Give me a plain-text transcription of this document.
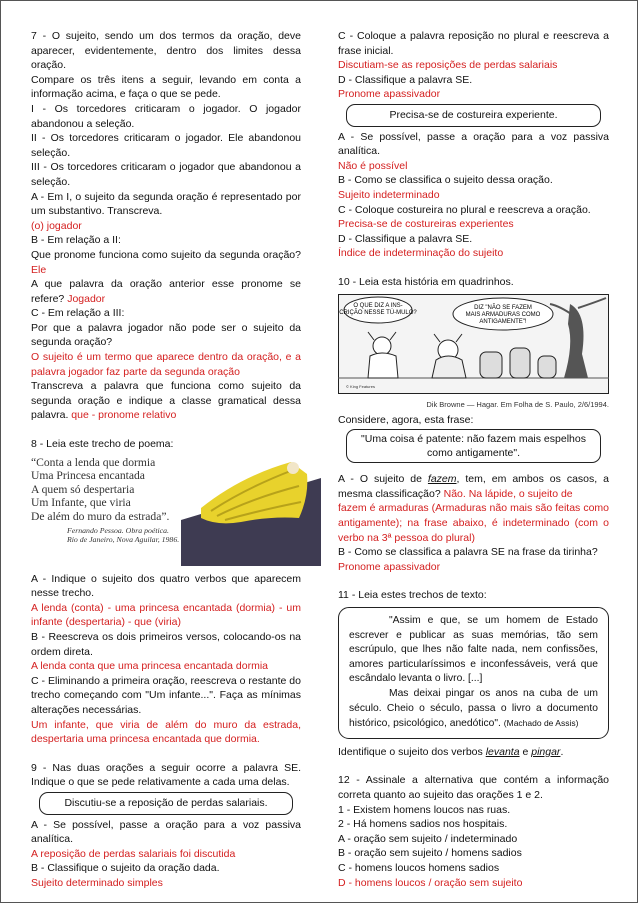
7 - O sujeito, sendo um dos termos da oração, deve aparecer, evidentemente, dentro dos limites dessa oração.
Compare os três itens a seguir, levando em conta a informação acima, e faça o que se pede.
I - Os torcedores criticaram o jogador. O jogador abandonou a seleção.
II - Os torcedores criticaram o jogador. Ele abandonou seleção.
III - Os torcedores criticaram o jogador que abandonou a seleção.
A - Em I, o sujeito da segunda oração é representado por um substantivo. Transcreva.
(o) jogador
B - Em relação a II:
Que pronome funciona como sujeito da segunda oração? Ele
A que palavra da oração anterior esse pronome se refere? Jogador
C - Em relação a III:
Por que a palavra jogador não pode ser o sujeito da segunda oração?
O sujeito é um termo que aparece dentro da oração, e a palavra jogador faz parte da segunda oração
Transcreva a palavra que funciona como sujeito da segunda oração e indique a classe gramatical dessa palavra. que - pronome relativo
8 - Leia este trecho de poema:
“Conta a lenda que dormia
Uma Princesa encantada
A quem só despertaria
Um Infante, que viria
De além do muro da estrada”.
Fernando Pessoa. Obra poética.
Rio de Janeiro, Nova Aguilar, 1986.
A - Indique o sujeito dos quatro verbos que aparecem nesse trecho.
A lenda (conta) - uma princesa encantada (dormia) - um infante (despertaria) - que (viria)
B - Reescreva os dois primeiros versos, colocando-os na ordem direta.
A lenda conta que uma princesa encantada dormia
C - Eliminando a primeira oração, reescreva o restante do trecho começando com "Um infante...". Faça as mínimas alterações necessárias.
Um infante, que viria de além do muro da estrada, despertaria uma princesa encantada que dormia.
9 - Nas duas orações a seguir ocorre a palavra SE. Indique o que se pede relativamente a cada uma delas.
Discutiu-se a reposição de perdas salariais.
A - Se possível, passe a oração para a voz passiva analítica.
A reposição de perdas salariais foi discutida
B - Classifique o sujeito da oração dada.
Sujeito determinado simples
C - Coloque a palavra reposição no plural e reescreva a frase inicial.
Discutiam-se as reposições de perdas salariais
D - Classifique a palavra SE.
Pronome apassivador
Precisa-se de costureira experiente.
A - Se possível, passe a oração para a voz passiva analítica.
Não é possível
B - Como se classifica o sujeito dessa oração.
Sujeito indeterminado
C - Coloque costureira no plural e reescreva a oração.
Precisa-se de costureiras experientes
D - Classifique a palavra SE.
Índice de indeterminação do sujeito
10 - Leia esta história em quadrinhos.
O QUE DIZ A INS-
CRIÇÃO NESSE TÚ-MULO?
DIZ "NÃO SE FAZEM
MAIS ARMADURAS COMO
ANTIGAMENTE"!
© King Features
Dik Browne — Hagar. Em Folha de S. Paulo, 2/6/1994.
Considere, agora, esta frase:
"Uma coisa é patente: não fazem mais espelhos como antigamente".
A - O sujeito de fazem, tem, em ambos os casos, a mesma classificação? Não. Na lápide, o sujeito de
fazem é armaduras (Armaduras não mais são feitas como antigamente); na frase abaixo, é indeterminado (com o verbo na 3ª pessoa do plural)
B - Como se classifica a palavra SE na frase da tirinha?
Pronome apassivador
11 - Leia estes trechos de texto:
"Assim e que, se um homem de Estado escrever e publicar as suas memórias, tão sem escrúpulo, que lhes não falte nada, nem confissões, amores particularíssimos e inconfessáveis, verá que escândalo levanta o livro. [...]
Mas deixai pingar os anos na cuba de um século. Cheio o século, passa o livro a documento histórico, psicológico, anedótico". (Machado de Assis)
Identifique o sujeito dos verbos levanta e pingar.
12 - Assinale a alternativa que contém a informação correta quanto ao sujeito das orações 1 e 2.
1 - Existem homens loucos nas ruas.
2 - Há homens sadios nos hospitais.
A - oração sem sujeito / indeterminado
B - oração sem sujeito / homens sadios
C - homens loucos homens sadios
D - homens loucos / oração sem sujeito
